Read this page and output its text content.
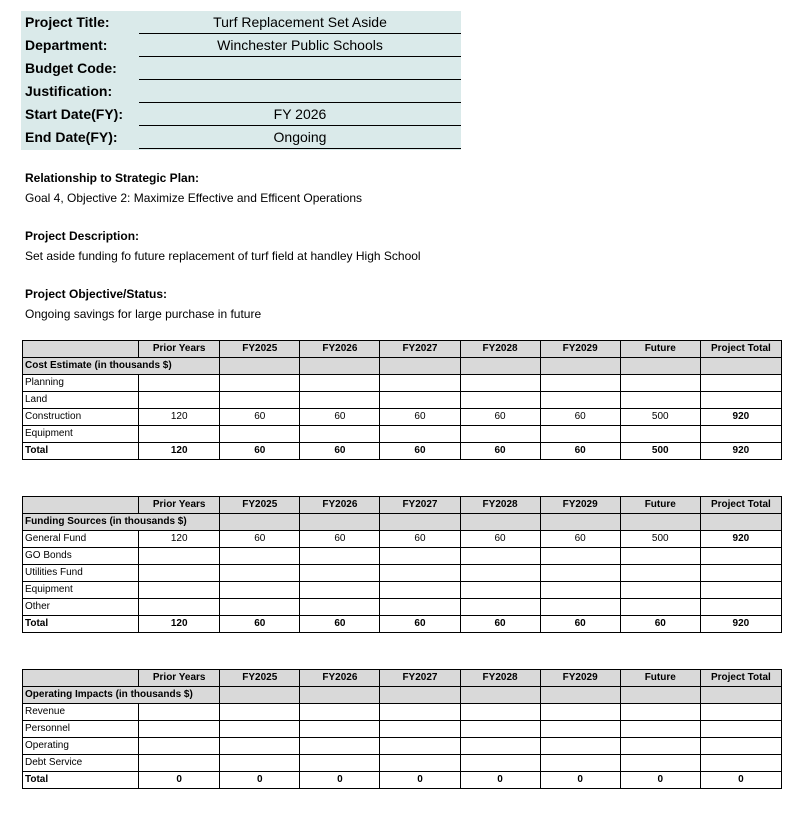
Project Title:	Turf Replacement Set Aside
Department:	Winchester Public Schools
Budget Code:
Justification:
Start Date(FY):	FY 2026
End Date(FY):	Ongoing
Relationship to Strategic Plan:
Goal 4, Objective 2: Maximize Effective and Efficent Operations
Project Description:
Set aside funding fo future replacement of turf field at handley High School
Project Objective/Status:
Ongoing savings for large purchase in future
	Prior Years	FY2025	FY2026	FY2027	FY2028	FY2029	Future	Project Total
Cost Estimate (in thousands $)								
Planning								
Land								
Construction	120	60	60	60	60	60	500	920
Equipment								
Total	120	60	60	60	60	60	500	920
	Prior Years	FY2025	FY2026	FY2027	FY2028	FY2029	Future	Project Total
Funding Sources (in thousands $)								
General Fund	120	60	60	60	60	60	500	920
GO Bonds								
Utilities Fund								
Equipment								
Other								
Total	120	60	60	60	60	60	60	920
	Prior Years	FY2025	FY2026	FY2027	FY2028	FY2029	Future	Project Total
Operating Impacts (in thousands $)								
Revenue								
Personnel								
Operating								
Debt Service								
Total	0	0	0	0	0	0	0	0
